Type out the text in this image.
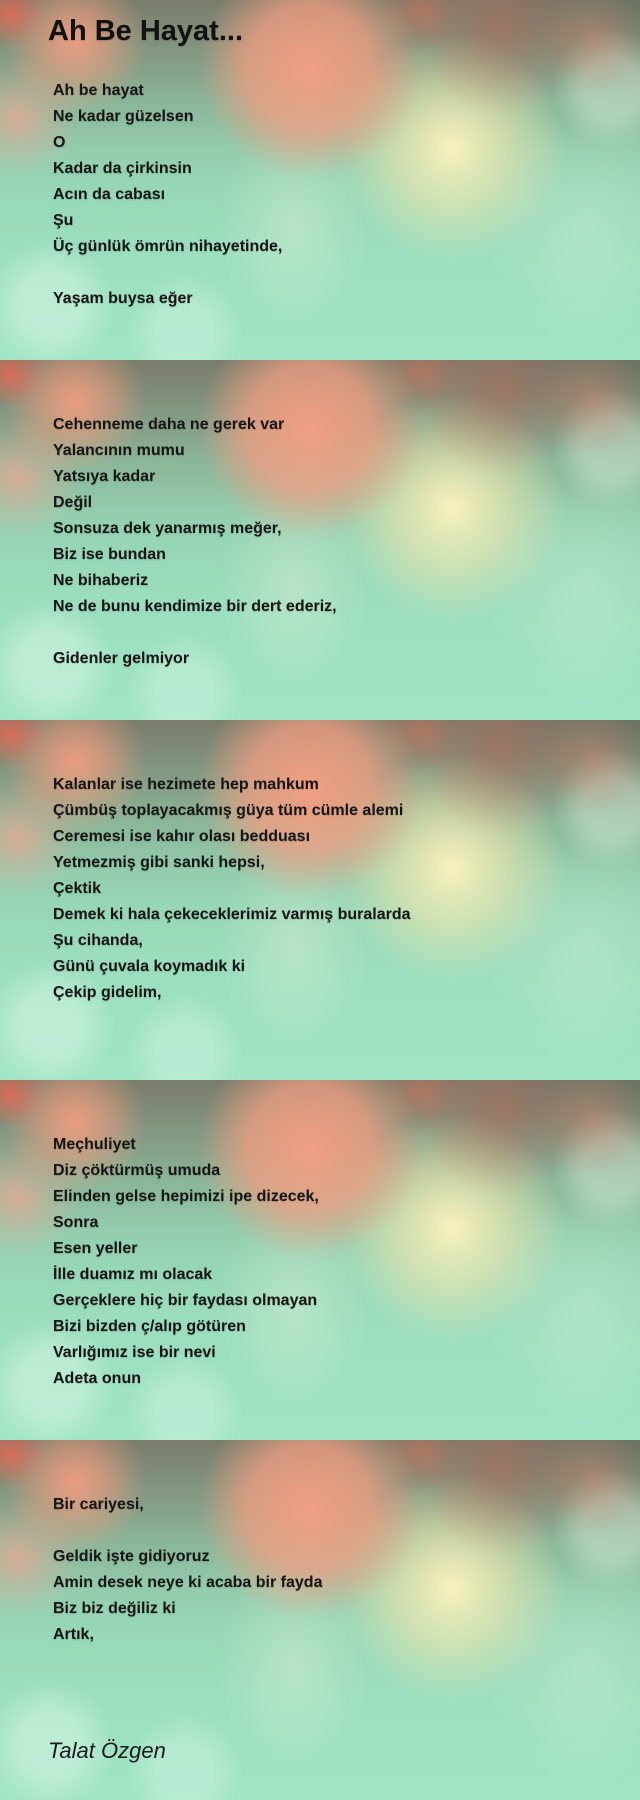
Ah Be Hayat...
Ah be hayat
Ne kadar güzelsen
O
Kadar da çirkinsin
Acın da cabası
Şu
Üç günlük ömrün nihayetinde,

Yaşam buysa eğer
Cehenneme daha ne gerek var
Yalancının mumu
Yatsıya kadar
Değil
Sonsuza dek yanarmış meğer,
Biz ise bundan
Ne bihaberiz
Ne de bunu kendimize bir dert ederiz,

Gidenler gelmiyor
Kalanlar ise hezimete hep mahkum
Çümbüş toplayacakmış güya tüm cümle alemi
Ceremesi ise kahır olası bedduası
Yetmezmiş gibi sanki hepsi,
Çektik
Demek ki hala çekeceklerimiz varmış buralarda
Şu cihanda,
Günü çuvala koymadık ki
Çekip gidelim,
Meçhuliyet
Diz çöktürmüş umuda
Elinden gelse hepimizi ipe dizecek,
Sonra
Esen yeller
İlle duamız mı olacak
Gerçeklere hiç bir faydası olmayan
Bizi bizden ç/alıp götüren
Varlığımız ise bir nevi
Adeta onun
Bir cariyesi,

Geldik işte gidiyoruz
Amin desek neye ki acaba bir fayda
Biz biz değiliz ki
Artık,
Talat Özgen
